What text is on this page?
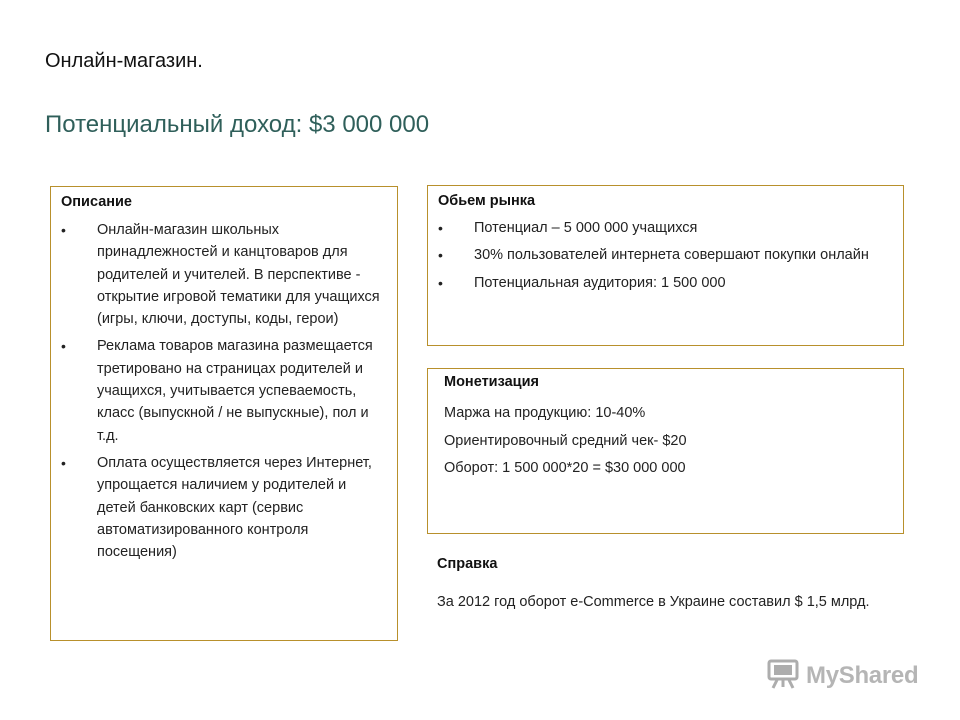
Онлайн-магазин.
Потенциальный доход: $3 000 000
Описание
• Онлайн-магазин школьных принадлежностей и канцтоваров для родителей и учителей. В перспективе - открытие игровой тематики для учащихся (игры, ключи, доступы, коды, герои)
• Реклама товаров магазина размещается третировано на страницах родителей и учащихся, учитывается успеваемость, класс (выпускной / не выпускные), пол и т.д.
• Оплата осуществляется через Интернет, упрощается наличием у родителей и детей банковских карт (сервис автоматизированного контроля посещения)
Обьем рынка
• Потенциал – 5 000 000 учащихся
• 30% пользователей интернета совершают покупки онлайн
• Потенциальная аудитория: 1 500 000
Монетизация
Маржа на продукцию: 10-40%
Ориентировочный средний чек- $20
Оборот: 1 500 000*20 = $30 000 000
Справка
За 2012 год оборот e-Commerce в Украине составил $ 1,5 млрд.
MyShared
